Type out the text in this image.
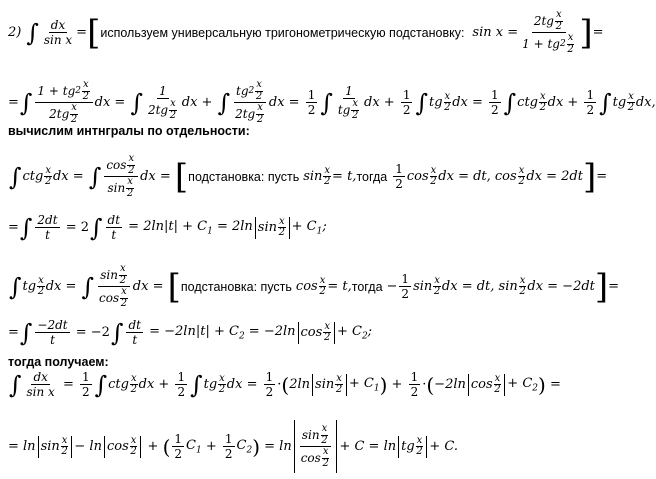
2) ∫ $\frac{dx}{\text{sin x}}$ = [ используем универсальную тригонометрическую подстановку: sin x = 2tg x
2
1 + tg 2
x
2 ] =
= ∫ 1 + tg 2
x
2
2tg x
2 dx = ∫ 1
2tg x
2 dx + ∫ tg 2
x
2
2tg x
2 dx = $\frac{1}{2}$ ∫ 1
tg x
2 dx + $\frac{1}{2}$ ∫ tg x
2 dx = $\frac{1}{2}$ ∫ ctg x
2 dx + $\frac{1}{2}$ ∫ tg x
2 dx,
вычислим интнгралы по отдельности:
∫ ctg x
2 dx = ∫ cos x
2
sin x
2 dx = [ подстановка: пусть $\sin \frac{x}{2} = t$, тогда $\frac{1}{2}$ cos x
2 dx = dt, cos x
2 dx = 2dt ] =
= ∫ $\frac{2dt}{t} = 2$ ∫ $\frac{dt}{t} = 2\ln|t| + C_1 = 2\ln$ sin x
$2 + C_1$;
∫ tg x
2 dx = ∫ sin x
2
cos x
2 dx = [ подстановка: пусть $\cos \frac{x}{2} = t$, тогда − $\frac{1}{2}$ sin x
2 dx = dt, sin x
2 dx = −2dt ] =
= ∫ $\frac{-2dt}{t} = -2$ ∫ $\frac{dt}{t} = -2\ln|t| + C_2 = -2\ln$ cos x
$2 + C_2$;
тогда получаем:
∫ $\frac{dx}{\text{sin x}} = \frac{1}{2}$ ∫ ctg x
2 dx + $\frac{1}{2}$ ∫ tg x
2 dx = $\frac{1}{2}$ · ( 2ln sin x
$2 + C_1$ ) + $\frac{1}{2}$ · ( −2ln cos x
$2 + C_2$ ) =
= ln sin x
2 − ln cos x
2 + ( $\frac{1}{2} C_1 + \frac{1}{2} C_2$ ) = ln sin x
2
cos x
2 + C = ln tg x
2 + C.
